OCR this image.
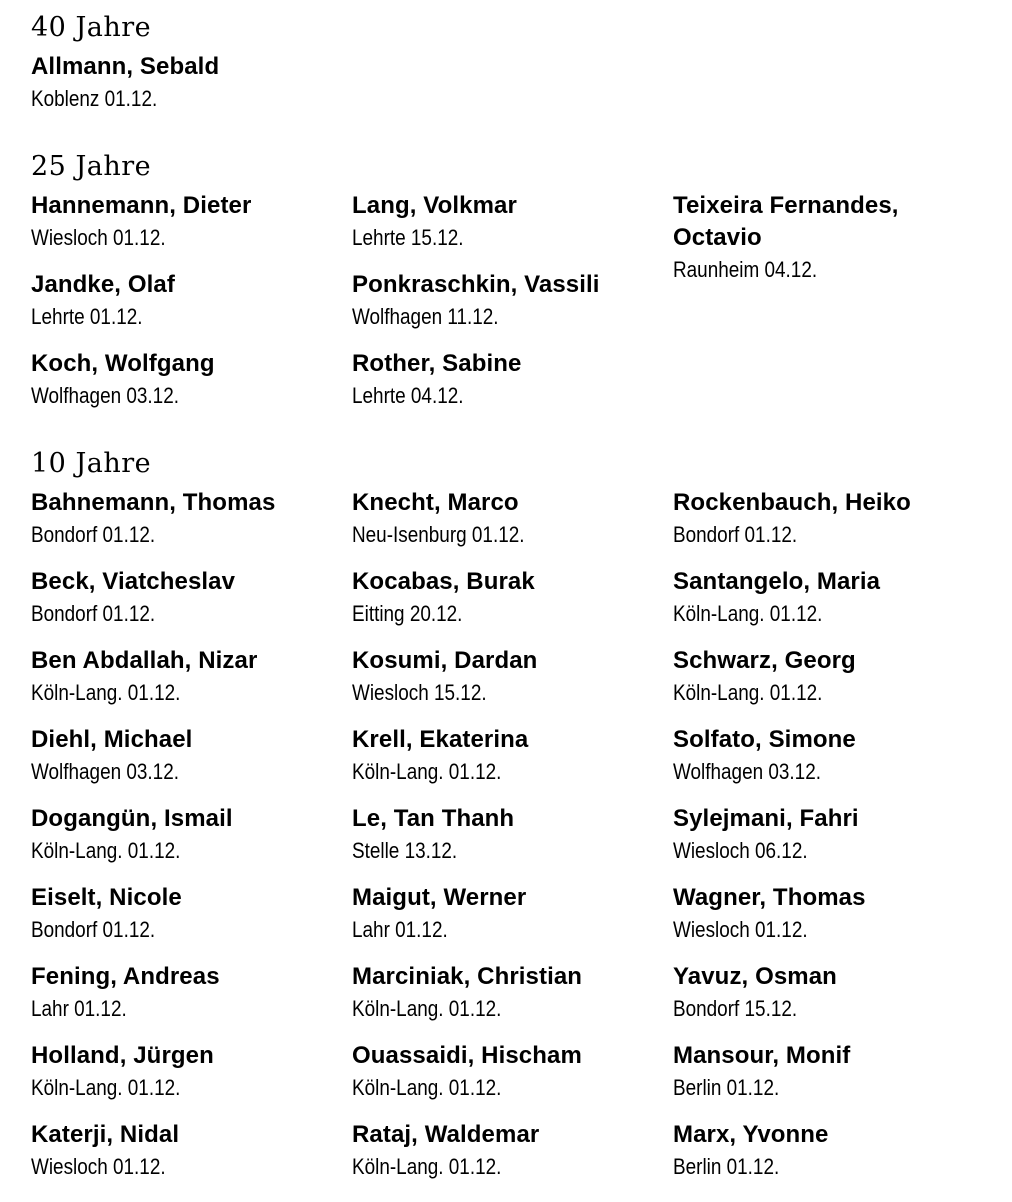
40 Jahre
Allmann, Sebald
Koblenz 01.12.
25 Jahre
Hannemann, Dieter
Wiesloch 01.12.
Jandke, Olaf
Lehrte 01.12.
Koch, Wolfgang
Wolfhagen 03.12.
Lang, Volkmar
Lehrte 15.12.
Ponkraschkin, Vassili
Wolfhagen 11.12.
Rother, Sabine
Lehrte 04.12.
Teixeira Fernandes, Octavio
Raunheim 04.12.
10 Jahre
Bahnemann, Thomas
Bondorf 01.12.
Beck, Viatcheslav
Bondorf 01.12.
Ben Abdallah, Nizar
Köln-Lang. 01.12.
Diehl, Michael
Wolfhagen 03.12.
Dogangün, Ismail
Köln-Lang. 01.12.
Eiselt, Nicole
Bondorf 01.12.
Fening, Andreas
Lahr 01.12.
Holland, Jürgen
Köln-Lang. 01.12.
Katerji, Nidal
Wiesloch 01.12.
Knecht, Marco
Neu-Isenburg 01.12.
Kocabas, Burak
Eitting 20.12.
Kosumi, Dardan
Wiesloch 15.12.
Krell, Ekaterina
Köln-Lang. 01.12.
Le, Tan Thanh
Stelle 13.12.
Maigut, Werner
Lahr 01.12.
Marciniak, Christian
Köln-Lang. 01.12.
Ouassaidi, Hischam
Köln-Lang. 01.12.
Rataj, Waldemar
Köln-Lang. 01.12.
Rockenbauch, Heiko
Bondorf 01.12.
Santangelo, Maria
Köln-Lang. 01.12.
Schwarz, Georg
Köln-Lang. 01.12.
Solfato, Simone
Wolfhagen 03.12.
Sylejmani, Fahri
Wiesloch 06.12.
Wagner, Thomas
Wiesloch 01.12.
Yavuz, Osman
Bondorf 15.12.
Mansour, Monif
Berlin 01.12.
Marx, Yvonne
Berlin 01.12.
